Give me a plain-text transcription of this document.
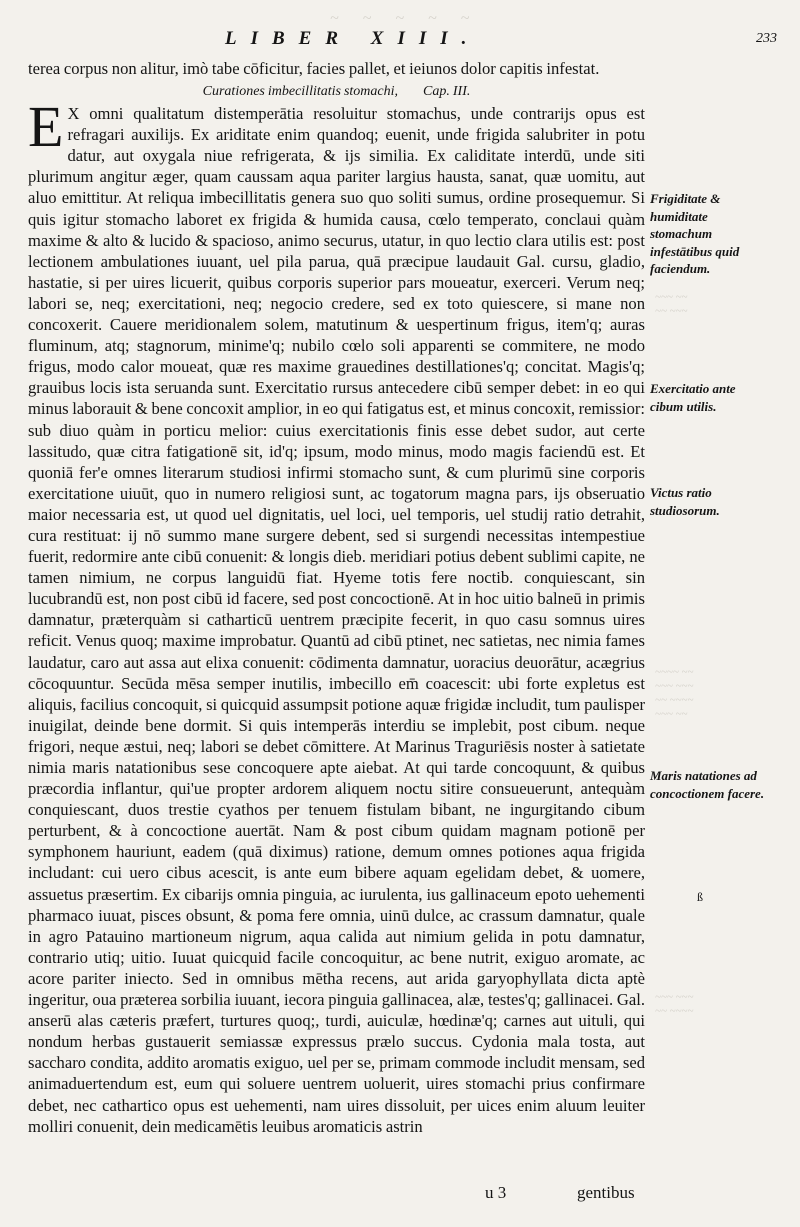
~ ~ ~ ~ ~
LIBER XIII.	233

terea corpus non alitur, imò tabe cōficitur, facies pallet, et ieiunos dolor capitis infestat.

Curationes imbecillitatis stomachi, Cap. III.

E X omni qualitatum distemperātia resoluitur stomachus, unde contrarijs opus est refragari auxilijs. Ex ariditate enim quandoq; euenit, unde frigida salubriter in potu datur, aut oxygala niue refrigerata, & ijs similia. Ex caliditate interdū, unde siti plurimum angitur æger, quam caussam aqua pariter largius hausta, sanat, quæ uomitu, aut aluo emittitur. At reliqua imbecillitatis genera suo quo soliti sumus, ordine prosequemur. Si quis igitur stomacho laboret ex frigida & humida causa, cœlo temperato, conclaui quàm maxime & alto & lucido & spacioso, animo securus, utatur, in quo lectio clara utilis est: post lectionem ambulationes iuuant, uel pila parua, quā præcipue laudauit Gal. cursu, gladio, hastatie, si per uires licuerit, quibus corporis superior pars moueatur, exerceri. Verum neq; labori se, neq; exercitationi, neq; negocio credere, sed ex toto quiescere, si mane non concoxerit. Cauere meridionalem solem, matutinum & uespertinum frigus, item'q; auras fluminum, atq; stagnorum, minime'q; nubilo cœlo soli apparenti se commitere, ne modo frigus, modo calor moueat, quæ res maxime grauedines destillationes'q; concitat. Magis'q; grauibus locis ista seruanda sunt. Exercitatio rursus antecedere cibū semper debet: in eo qui minus laborauit & bene concoxit amplior, in eo qui fatigatus est, et minus concoxit, remissior: sub diuo quàm in porticu melior: cuius exercitationis finis esse debet sudor, aut certe lassitudo, quæ citra fatigationē sit, id'q; ipsum, modo minus, modo magis faciendū est. Et quoniā fer'e omnes literarum studiosi infirmi stomacho sunt, & cum plurimū sine corporis exercitatione uiuūt, quo in numero religiosi sunt, ac togatorum magna pars, ijs obseruatio maior necessaria est, ut quod uel dignitatis, uel loci, uel temporis, uel studij ratio detrahit, cura restituat: ij nō summo mane surgere debent, sed si surgendi necessitas intempestiue fuerit, redormire ante cibū conuenit: & longis dieb. meridiari potius debent sublimi capite, ne tamen nimium, ne corpus languidū fiat. Hyeme totis fere noctib. conquiescant, sin lucubrandū est, non post cibū id facere, sed post concoctionē. At in hoc uitio balneū in primis damnatur, præterquàm si catharticū uentrem præcipite fecerit, in quo casu somnus uires reficit. Venus quoq; maxime improbatur. Quantū ad cibū ptinet, nec satietas, nec nimia fames laudatur, caro aut assa aut elixa conuenit: cōdimenta damnatur, uoracius deuorātur, acægrius cōcoquuntur. Secūda mēsa semper inutilis, imbecillo em̄ coacescit: ubi forte expletus est aliquis, facilius concoquit, si quicquid assumpsit potione aquæ frigidæ includit, tum paulisper inuigilat, deinde bene dormit. Si quis intemperās interdiu se implebit, post cibum. neque frigori, neque æstui, neq; labori se debet cōmittere. At Marinus Traguriēsis noster à satietate nimia maris natationibus sese concoquere apte aiebat. At qui tarde concoquunt, & quibus præcordia inflantur, qui'ue propter ardorem aliquem noctu sitire consueuerunt, antequàm conquiescant, duos trestie cyathos per tenuem fistulam bibant, ne ingurgitando cibum perturbent, & à concoctione auertāt. Nam & post cibum quidam magnam potionē per symphonem hauriunt, eadem (quā diximus) ratione, demum omnes potiones aqua frigida includant: cui uero cibus acescit, is ante eum bibere aquam egelidam debet, & uomere, assuetus præsertim. Ex cibarijs omnia pinguia, ac iurulenta, ius gallinaceum epoto uehementi pharmaco iuuat, pisces obsunt, & poma fere omnia, uinū dulce, ac crassum damnatur, quale in agro Patauino martioneum nigrum, aqua calida aut nimium gelida in potu damnatur, contrario utiq; uitio. Iuuat quicquid facile concoquitur, ac bene nutrit, exiguo aromate, ac acore pariter iniecto. Sed in omnibus mētha recens, aut arida garyophyllata dicta aptè ingeritur, oua præterea sorbilia iuuant, iecora pinguia gallinacea, alæ, testes'q; gallinacei. Gal. anserū alas cæteris præfert, turtures quoq;, turdi, auiculæ, hœdinæ'q; carnes aut uituli, qui nondum herbas gustauerit semiassæ expressus prælo succus. Cydonia mala tosta, aut saccharo condita, addito aromatis exiguo, uel per se, primam commode includit mensam, sed animaduertendum est, eum qui soluere uentrem uoluerit, uires stomachi prius confirmare debet, nec cathartico opus est uehementi, nam uires dissoluit, per uices enim aluum leuiter molliri conuenit, dein medicamētis leuibus aromaticis astrin

Frigiditate & humiditate stomachum infestātibus quid faciendum.
Exercitatio ante cibum utilis.
Victus ratio studiosorum.
Maris natationes ad concoctionem facere.
~~~ ~~
~~ ~~~
~~~~ ~~
~~~ ~~~
~~ ~~~~
~~~ ~~
~~~ ~~~
~~ ~~~~
ß
u 3	gentibus
